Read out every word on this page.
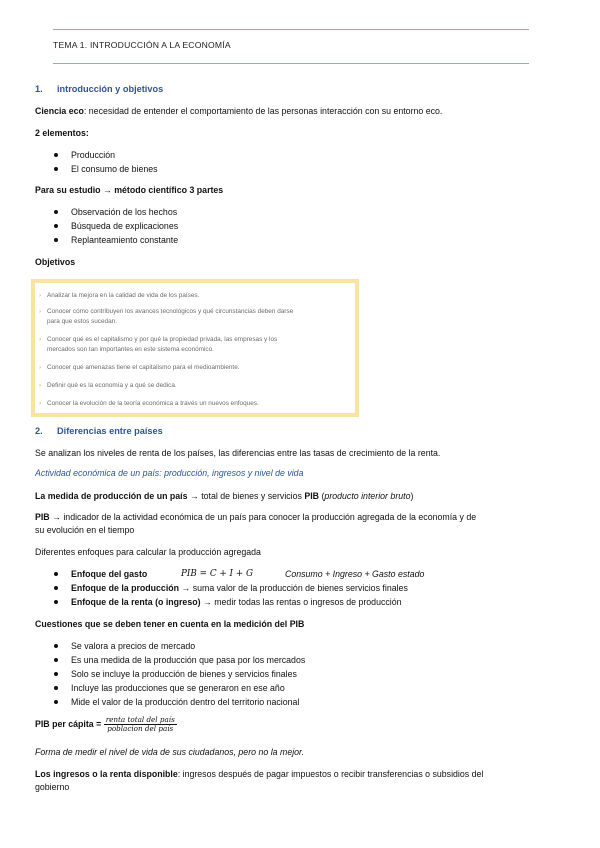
TEMA 1. INTRODUCCIÓN A LA ECONOMÍA
1. introducción y objetivos
Ciencia eco: necesidad de entender el comportamiento de las personas interacción con su entorno eco.
2 elementos:
Producción
El consumo de bienes
Para su estudio → método científico 3 partes
Observación de los hechos
Búsqueda de explicaciones
Replanteamiento constante
Objetivos
› Analizar la mejora en la calidad de vida de los países.
› Conocer cómo contribuyen los avances tecnológicos y qué circunstancias deben darse
para que estos sucedan.
› Conocer qué es el capitalismo y por qué la propiedad privada, las empresas y los
mercados son tan importantes en este sistema económico.
› Conocer qué amenazas tiene el capitalismo para el medioambiente.
› Definir qué es la economía y a qué se dedica.
› Conocer la evolución de la teoría económica a través un nuevos enfoques.
2. Diferencias entre países
Se analizan los niveles de renta de los países, las diferencias entre las tasas de crecimiento de la renta.
Actividad económica de un país: producción, ingresos y nivel de vida
La medida de producción de un país → total de bienes y servicios PIB (producto interior bruto)
PIB → indicador de la actividad económica de un país para conocer la producción agregada de la economía y de
su evolución en el tiempo
Diferentes enfoques para calcular la producción agregada
Enfoque del gasto	PIB = C + I + G	Consumo + Ingreso + Gasto estado
Enfoque de la producción → suma valor de la producción de bienes servicios finales
Enfoque de la renta (o ingreso) → medir todas las rentas o ingresos de producción
Cuestiones que se deben tener en cuenta en la medición del PIB
Se valora a precios de mercado
Es una medida de la producción que pasa por los mercados
Solo se incluye la producción de bienes y servicios finales
Incluye las producciones que se generaron en ese año
Mide el valor de la producción dentro del territorio nacional
PIB per cápita = $\frac{\text{renta total del país}}{\text{poblacion del país}}$
Forma de medir el nivel de vida de sus ciudadanos, pero no la mejor.
Los ingresos o la renta disponible: ingresos después de pagar impuestos o recibir transferencias o subsidios del
gobierno
